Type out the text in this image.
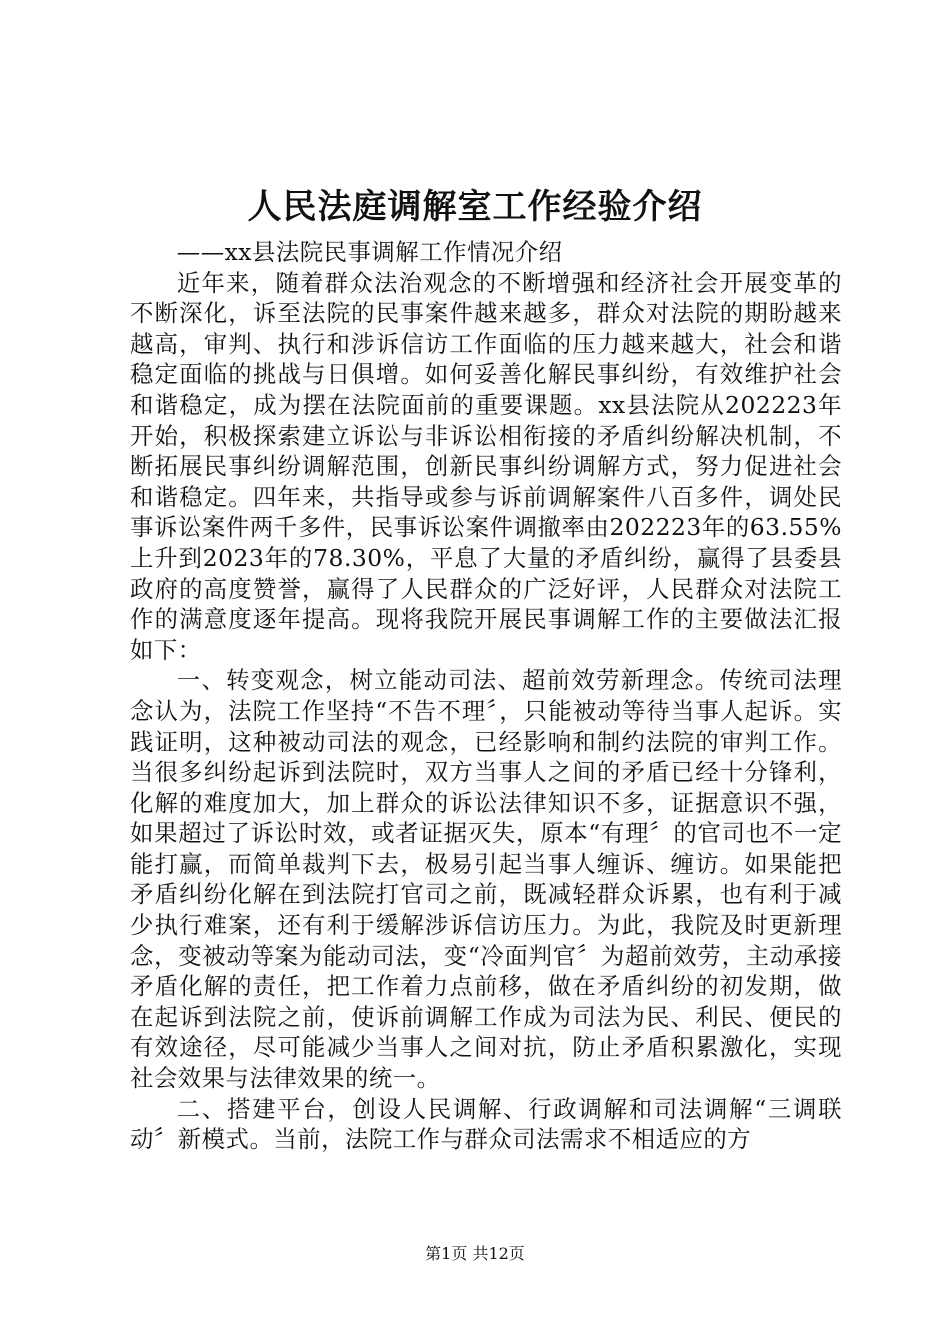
人民法庭调解室工作经验介绍

——xx县法院民事调解工作情况介绍

近年来，随着群众法治观念的不断增强和经济社会开展变革的不断深化，诉至法院的民事案件越来越多，群众对法院的期盼越来越高，审判、执行和涉诉信访工作面临的压力越来越大，社会和谐稳定面临的挑战与日俱增。如何妥善化解民事纠纷，有效维护社会和谐稳定，成为摆在法院面前的重要课题。xx县法院从202223年开始，积极探索建立诉讼与非诉讼相衔接的矛盾纠纷解决机制，不断拓展民事纠纷调解范围，创新民事纠纷调解方式，努力促进社会和谐稳定。四年来，共指导或参与诉前调解案件八百多件，调处民事诉讼案件两千多件，民事诉讼案件调撤率由202223年的63.55%上升到2023年的78.30%，平息了大量的矛盾纠纷，赢得了县委县政府的高度赞誉，赢得了人民群众的广泛好评，人民群众对法院工作的满意度逐年提高。现将我院开展民事调解工作的主要做法汇报如下：

一、转变观念，树立能动司法、超前效劳新理念。传统司法理念认为，法院工作坚持“不告不理〞，只能被动等待当事人起诉。实践证明，这种被动司法的观念，已经影响和制约法院的审判工作。当很多纠纷起诉到法院时，双方当事人之间的矛盾已经十分锋利，化解的难度加大，加上群众的诉讼法律知识不多，证据意识不强，如果超过了诉讼时效，或者证据灭失，原本“有理〞的官司也不一定能打赢，而简单裁判下去，极易引起当事人缠诉、缠访。如果能把矛盾纠纷化解在到法院打官司之前，既减轻群众诉累，也有利于减少执行难案，还有利于缓解涉诉信访压力。为此，我院及时更新理念，变被动等案为能动司法，变“冷面判官〞为超前效劳，主动承接矛盾化解的责任，把工作着力点前移，做在矛盾纠纷的初发期，做在起诉到法院之前，使诉前调解工作成为司法为民、利民、便民的有效途径，尽可能减少当事人之间对抗，防止矛盾积累激化，实现社会效果与法律效果的统一。

二、搭建平台，创设人民调解、行政调解和司法调解“三调联动〞新模式。当前，法院工作与群众司法需求不相适应的方

第1页 共12页
